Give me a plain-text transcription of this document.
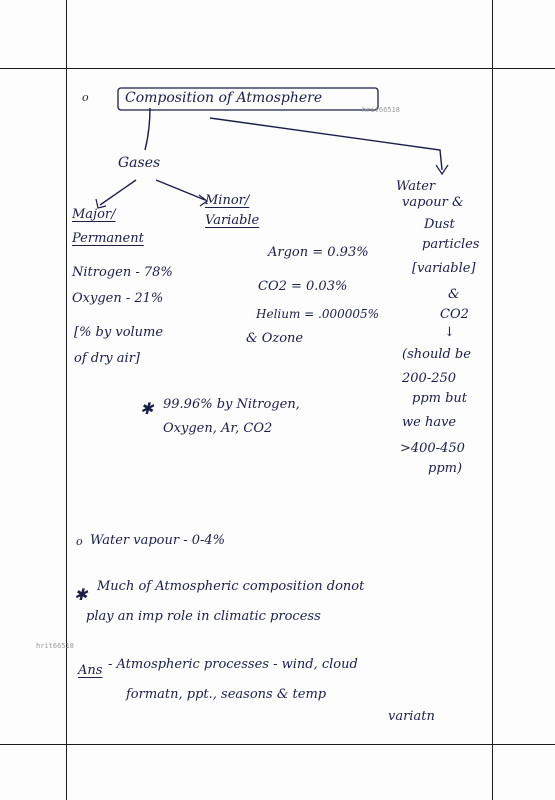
o	Composition of Atmosphere
Gases
Major/
Permanent
Nitrogen - 78%
Oxygen - 21%
[% by volume
of dry air]
Minor/
Variable
Argon = 0.93%
CO2 = 0.03%
Helium = .000005%
& Ozone
Water
vapour &
Dust
particles
[variable]
&
CO2
↓
(should be
200-250
ppm but
we have
>400-450
ppm)
✱ 99.96% by Nitrogen,
Oxygen, Ar, CO2
o Water vapour - 0-4%
✱ Much of Atmospheric composition donot
play an imp role in climatic process
Ans - Atmospheric processes - wind, cloud
formatn, ppt., seasons & temp
variatn
hrit66518
hrit66518
